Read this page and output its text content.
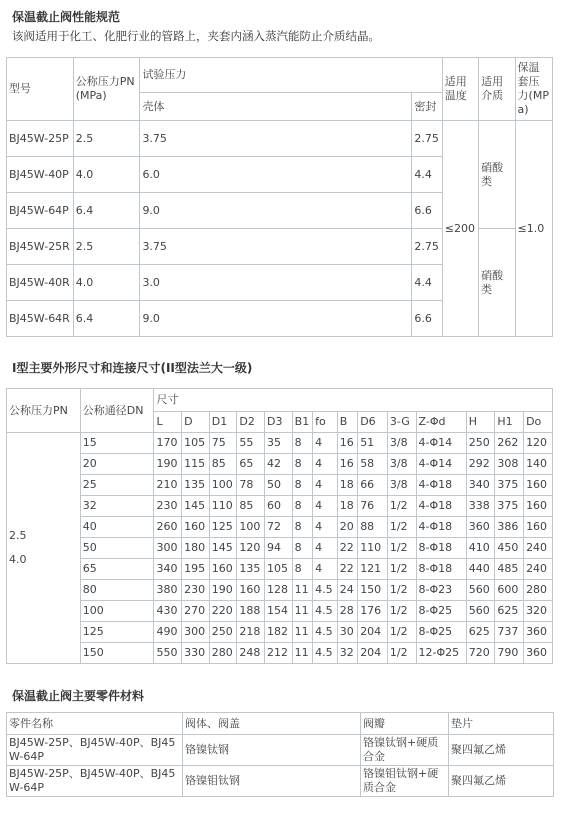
保温截止阀性能规范
该阀适用于化工、化肥行业的管路上，夹套内涵入蒸汽能防止介质结晶。
型号	公称压力PN(MPa)	试验压力		适用温度	适用介质	保温套压力(MPa)
		壳体	密封			
BJ45W-25P	2.5	3.75	2.75	≤200	硝酸类	≤1.0
BJ45W-40P	4.0	6.0	4.4			
BJ45W-64P	6.4	9.0	6.6			
BJ45W-25R	2.5	3.75	2.75		硝酸类	
BJ45W-40R	4.0	3.0	4.4			
BJ45W-64R	6.4	9.0	6.6			
I型主要外形尺寸和连接尺寸(II型法兰大一级)
公称压力PN	公称通径DN	尺寸													
		L	D	D1	D2	D3	B1	fo	B	D6	3-G	Z-Φd	H	H1	Do

2.5
4.0	15	170	105	75	55	35	8	4	16	51	3/8	4-Φ14	250	262	120
	20	190	115	85	65	42	8	4	16	58	3/8	4-Φ14	292	308	140
	25	210	135	100	78	50	8	4	18	66	3/8	4-Φ18	340	375	160
	32	230	145	110	85	60	8	4	18	76	1/2	4-Φ18	338	375	160
	40	260	160	125	100	72	8	4	20	88	1/2	4-Φ18	360	386	160
	50	300	180	145	120	94	8	4	22	110	1/2	8-Φ18	410	450	240
	65	340	195	160	135	105	8	4	22	121	1/2	8-Φ18	440	485	240
	80	380	230	190	160	128	11	4.5	24	150	1/2	8-Φ23	560	600	280
	100	430	270	220	188	154	11	4.5	28	176	1/2	8-Φ25	560	625	320
	125	490	300	250	218	182	11	4.5	30	204	1/2	8-Φ25	625	737	360
	150	550	330	280	248	212	11	4.5	32	204	1/2	12-Φ25	720	790	360
保温截止阀主要零件材料
零件名称	阀体、阀盖	阀瓣	垫片
BJ45W-25P、BJ45W-40P、BJ45W-64P	铬镍钛钢	铬镍钛钢+硬质合金	聚四氟乙烯
BJ45W-25P、BJ45W-40P、BJ45W-64P	铬镍钼钛钢	铬镍钼钛钢+硬质合金	聚四氟乙烯
